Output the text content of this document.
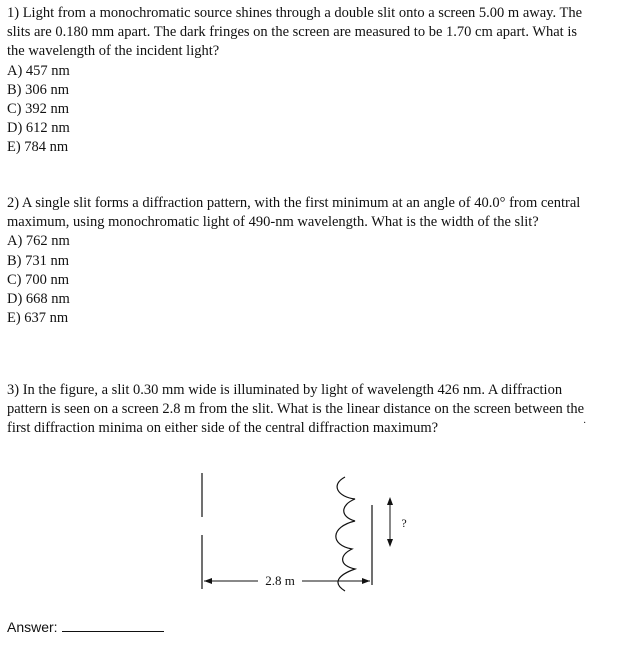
1) Light from a monochromatic source shines through a double slit onto a screen 5.00 m away. The slits are 0.180 mm apart. The dark fringes on the screen are measured to be 1.70 cm apart. What is the wavelength of the incident light?

A) 457 nm

B) 306 nm

C) 392 nm

D) 612 nm

E) 784 nm

2) A single slit forms a diffraction pattern, with the first minimum at an angle of 40.0° from central maximum, using monochromatic light of 490-nm wavelength. What is the width of the slit?

A) 762 nm

B) 731 nm

C) 700 nm

D) 668 nm

E) 637 nm

3) In the figure, a slit 0.30 mm wide is illuminated by light of wavelength 426 nm. A diffraction pattern is seen on a screen 2.8 m from the slit. What is the linear distance on the screen between the first diffraction minima on either side of the central diffraction maximum?	·
2.8 m
?
Answer:
